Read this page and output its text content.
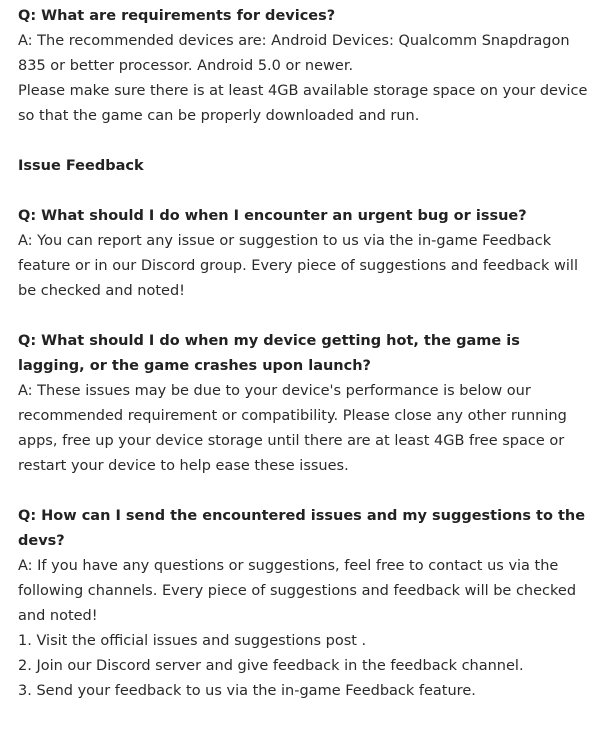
Q: What are requirements for devices?

A: The recommended devices are: Android Devices: Qualcomm Snapdragon 835 or better processor. Android 5.0 or newer.

Please make sure there is at least 4GB available storage space on your device so that the game can be properly downloaded and run.

Issue Feedback

Q: What should I do when I encounter an urgent bug or issue?

A: You can report any issue or suggestion to us via the in-game Feedback feature or in our Discord group. Every piece of suggestions and feedback will be checked and noted!

Q: What should I do when my device getting hot, the game is lagging, or the game crashes upon launch?

A: These issues may be due to your device's performance is below our recommended requirement or compatibility. Please close any other running apps, free up your device storage until there are at least 4GB free space or restart your device to help ease these issues.

Q: How can I send the encountered issues and my suggestions to the devs?

A: If you have any questions or suggestions, feel free to contact us via the following channels. Every piece of suggestions and feedback will be checked and noted!

1. Visit the official issues and suggestions post .

2. Join our Discord server and give feedback in the feedback channel.

3. Send your feedback to us via the in-game Feedback feature.
